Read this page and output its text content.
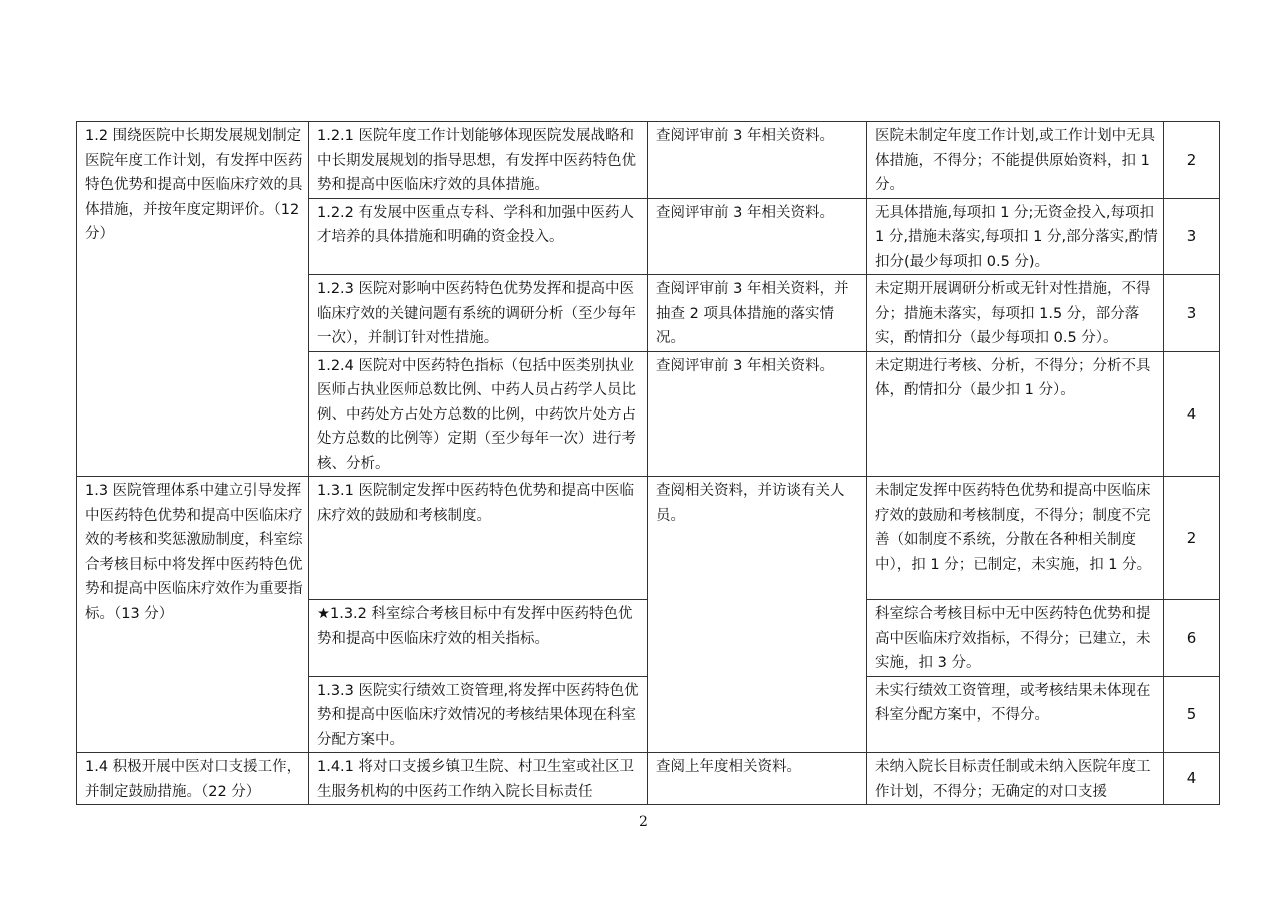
1.2 围绕医院中长期发展规划制定医院年度工作计划，有发挥中医药特色优势和提高中医临床疗效的具体措施，并按年度定期评价。（12 分）	1.2.1 医院年度工作计划能够体现医院发展战略和中长期发展规划的指导思想，有发挥中医药特色优势和提高中医临床疗效的具体措施。	查阅评审前 3 年相关资料。	医院未制定年度工作计划,或工作计划中无具体措施，不得分；不能提供原始资料，扣 1 分。	2
	1.2.2 有发展中医重点专科、学科和加强中医药人才培养的具体措施和明确的资金投入。	查阅评审前 3 年相关资料。	无具体措施,每项扣 1 分;无资金投入,每项扣 1 分,措施未落实,每项扣 1 分,部分落实,酌情扣分(最少每项扣 0.5 分)。	3
	1.2.3 医院对影响中医药特色优势发挥和提高中医临床疗效的关键问题有系统的调研分析（至少每年一次），并制订针对性措施。	查阅评审前 3 年相关资料，并抽查 2 项具体措施的落实情况。	未定期开展调研分析或无针对性措施，不得分；措施未落实，每项扣 1.5 分，部分落实，酌情扣分（最少每项扣 0.5 分）。	3
	1.2.4 医院对中医药特色指标（包括中医类别执业医师占执业医师总数比例、中药人员占药学人员比例、中药处方占处方总数的比例，中药饮片处方占处方总数的比例等）定期（至少每年一次）进行考核、分析。	查阅评审前 3 年相关资料。	未定期进行考核、分析，不得分；分析不具体，酌情扣分（最少扣 1 分）。	4
1.3 医院管理体系中建立引导发挥中医药特色优势和提高中医临床疗效的考核和奖惩激励制度，科室综合考核目标中将发挥中医药特色优势和提高中医临床疗效作为重要指标。（13 分）	1.3.1 医院制定发挥中医药特色优势和提高中医临床疗效的鼓励和考核制度。	查阅相关资料，并访谈有关人员。	未制定发挥中医药特色优势和提高中医临床疗效的鼓励和考核制度，不得分；制度不完善（如制度不系统，分散在各种相关制度中），扣 1 分；已制定，未实施，扣 1 分。	2
	★1.3.2 科室综合考核目标中有发挥中医药特色优势和提高中医临床疗效的相关指标。		科室综合考核目标中无中医药特色优势和提高中医临床疗效指标，不得分；已建立，未实施，扣 3 分。	6
	1.3.3 医院实行绩效工资管理,将发挥中医药特色优势和提高中医临床疗效情况的考核结果体现在科室分配方案中。		未实行绩效工资管理，或考核结果未体现在科室分配方案中，不得分。	5
1.4 积极开展中医对口支援工作，并制定鼓励措施。（22 分）	1.4.1 将对口支援乡镇卫生院、村卫生室或社区卫生服务机构的中医药工作纳入院长目标责任	查阅上年度相关资料。	未纳入院长目标责任制或未纳入医院年度工作计划，不得分；无确定的对口支援	4
2
